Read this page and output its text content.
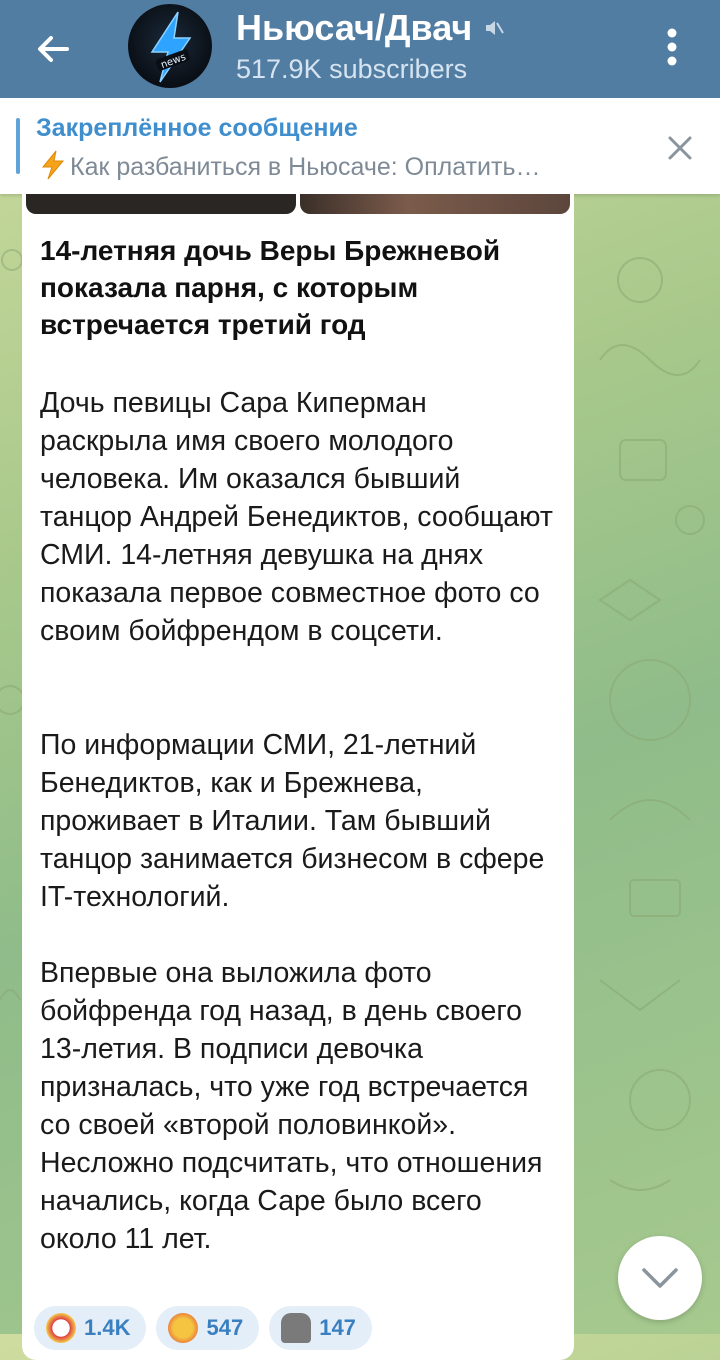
news
Ньюсач/Двач
517.9K subscribers
Закреплённое сообщение
Как разбаниться в Ньюсаче: Оплатить…
14-летняя дочь Веры Брежневой показала парня, с которым встречается третий год
Дочь певицы Сара Киперман раскрыла имя своего молодого человека. Им оказался бывший танцор Андрей Бенедиктов, сообщают СМИ. 14-летняя девушка на днях показала первое совместное фото со своим бойфрендом в соцсети.
По информации СМИ, 21-летний Бенедиктов, как и Брежнева, проживает в Италии. Там бывший танцор занимается бизнесом в сфере IT-технологий.
Впервые она выложила фото бойфренда год назад, в день своего 13-летия. В подписи девочка призналась, что уже год встречается со своей «второй половинкой». Несложно подсчитать, что отношения начались, когда Саре было всего около 11 лет.
1.4K	547	147
